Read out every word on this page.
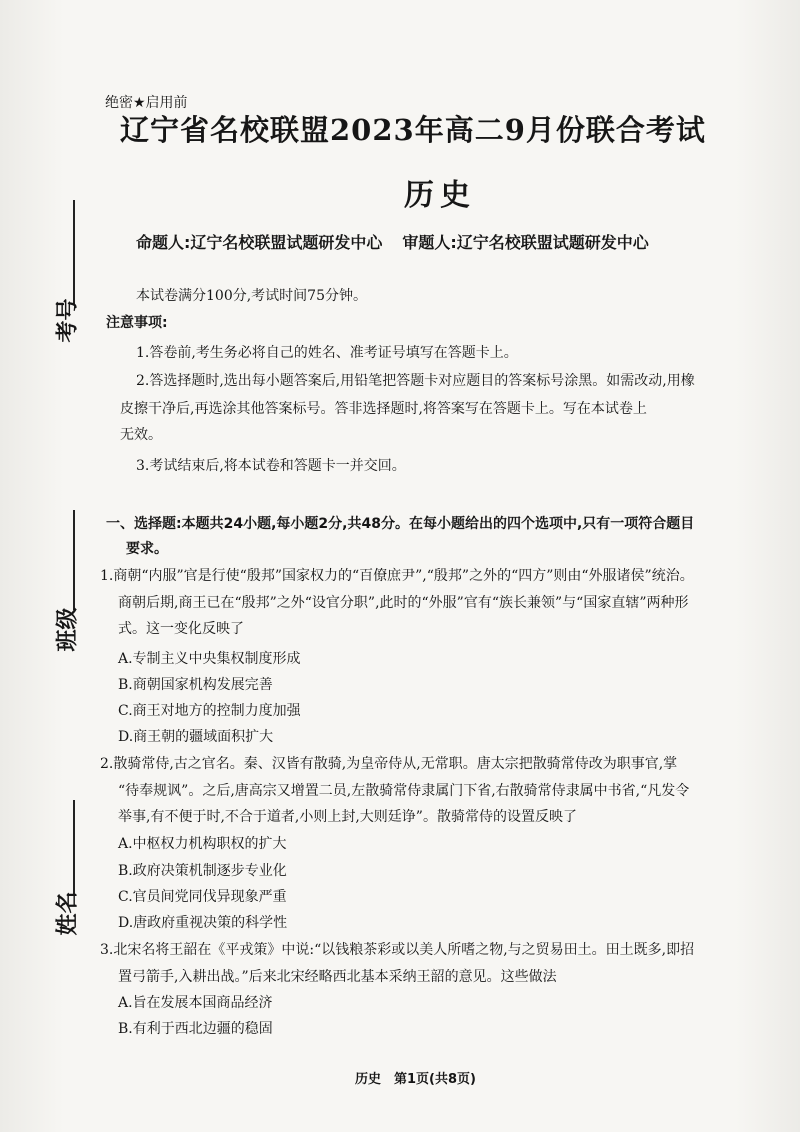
考号
班级
姓名
绝密★启用前
辽宁省名校联盟2023年高二9月份联合考试
历史
命题人:辽宁名校联盟试题研发中心 审题人:辽宁名校联盟试题研发中心
本试卷满分100分,考试时间75分钟。
注意事项:
1.答卷前,考生务必将自己的姓名、准考证号填写在答题卡上。
2.答选择题时,选出每小题答案后,用铅笔把答题卡对应题目的答案标号涂黑。如需改动,用橡
皮擦干净后,再选涂其他答案标号。答非选择题时,将答案写在答题卡上。写在本试卷上
无效。
3.考试结束后,将本试卷和答题卡一并交回。
一、选择题:本题共24小题,每小题2分,共48分。在每小题给出的四个选项中,只有一项符合题目
要求。
1.商朝“内服”官是行使“殷邦”国家权力的“百僚庶尹”,“殷邦”之外的“四方”则由“外服诸侯”统治。
商朝后期,商王已在“殷邦”之外“设官分职”,此时的“外服”官有“族长兼领”与“国家直辖”两种形
式。这一变化反映了
A.专制主义中央集权制度形成
B.商朝国家机构发展完善
C.商王对地方的控制力度加强
D.商王朝的疆域面积扩大
2.散骑常侍,古之官名。秦、汉皆有散骑,为皇帝侍从,无常职。唐太宗把散骑常侍改为职事官,掌
“待奉规讽”。之后,唐高宗又增置二员,左散骑常侍隶属门下省,右散骑常侍隶属中书省,“凡发令
举事,有不便于时,不合于道者,小则上封,大则廷诤”。散骑常侍的设置反映了
A.中枢权力机构职权的扩大
B.政府决策机制逐步专业化
C.官员间党同伐异现象严重
D.唐政府重视决策的科学性
3.北宋名将王韶在《平戎策》中说:“以钱粮茶彩或以美人所嗜之物,与之贸易田土。田土既多,即招
置弓箭手,入耕出战。”后来北宋经略西北基本采纳王韶的意见。这些做法
A.旨在发展本国商品经济
B.有利于西北边疆的稳固
历史　第1页(共8页)
